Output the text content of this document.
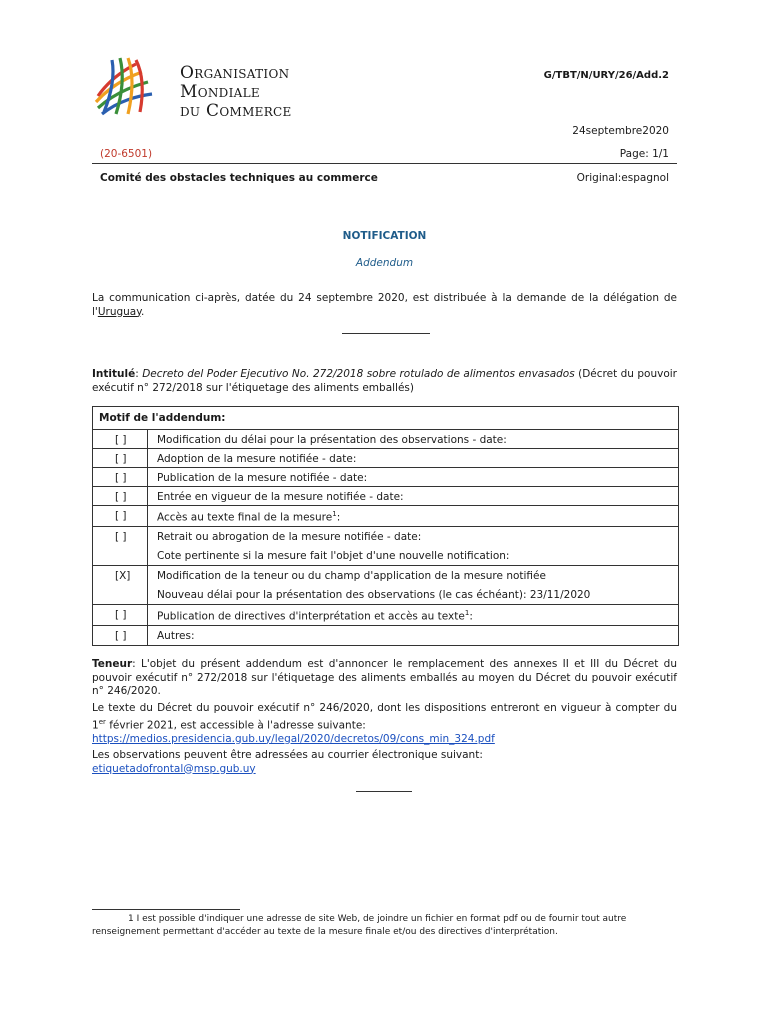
Organisation
Mondiale
du Commerce
G/TBT/N/URY/26/Add.2
24septembre2020
(20-6501)	Page: 1/1
Comité des obstacles techniques au commerce	Original:espagnol
NOTIFICATION
Addendum
La communication ci-après, datée du 24 septembre 2020, est distribuée à la demande de la délégation de l'Uruguay.
Intitulé: Decreto del Poder Ejecutivo No. 272/2018 sobre rotulado de alimentos envasados (Décret du pouvoir exécutif n° 272/2018 sur l'étiquetage des aliments emballés)
Motif de l'addendum:
[ ]	Modification du délai pour la présentation des observations - date:
[ ]	Adoption de la mesure notifiée - date:
[ ]	Publication de la mesure notifiée - date:
[ ]	Entrée en vigueur de la mesure notifiée - date:
[ ]	Accès au texte final de la mesure$^1$:
[ ]	Retrait ou abrogation de la mesure notifiée - date:
Cote pertinente si la mesure fait l'objet d'une nouvelle notification:
[X]	Modification de la teneur ou du champ d'application de la mesure notifiée
Nouveau délai pour la présentation des observations (le cas échéant): 23/11/2020
[ ]	Publication de directives d'interprétation et accès au texte$^1$:
[ ]	Autres:
Teneur: L'objet du présent addendum est d'annoncer le remplacement des annexes II et III du Décret du pouvoir exécutif n° 272/2018 sur l'étiquetage des aliments emballés au moyen du Décret du pouvoir exécutif n° 246/2020.
Le texte du Décret du pouvoir exécutif n° 246/2020, dont les dispositions entreront en vigueur à compter du 1er février 2021, est accessible à l'adresse suivante:
https://medios.presidencia.gub.uy/legal/2020/decretos/09/cons_min_324.pdf
Les observations peuvent être adressées au courrier électronique suivant:
etiquetadofrontal@msp.gub.uy
1 I est possible d'indiquer une adresse de site Web, de joindre un fichier en format pdf ou de fournir tout autre renseignement permettant d'accéder au texte de la mesure finale et/ou des directives d'interprétation.
